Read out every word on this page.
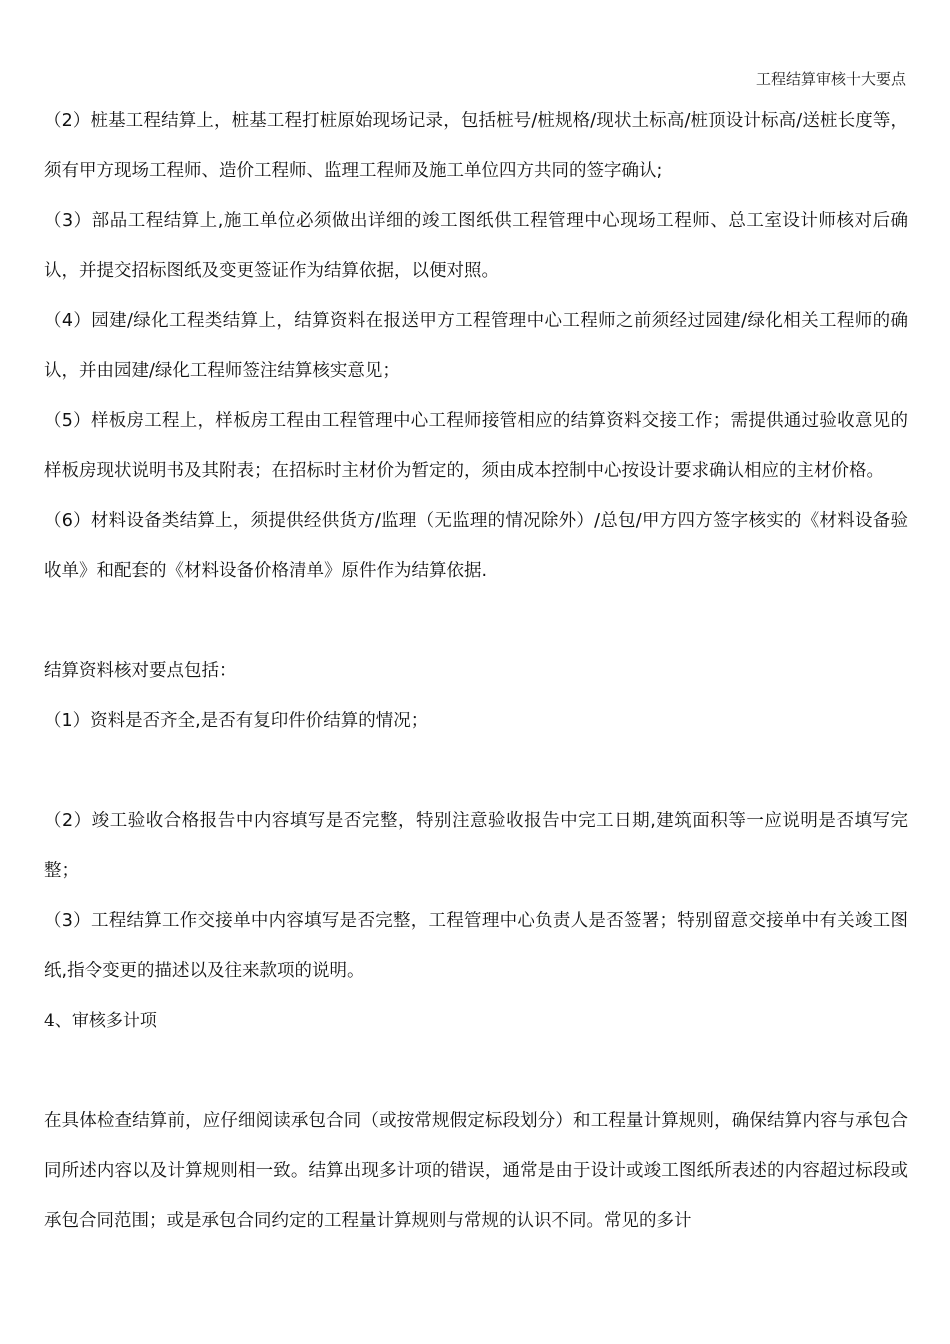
工程结算审核十大要点

（2）桩基工程结算上，桩基工程打桩原始现场记录，包括桩号/桩规格/现状土标高/桩顶设计标高/送桩长度等，须有甲方现场工程师、造价工程师、监理工程师及施工单位四方共同的签字确认;

（3）部品工程结算上,施工单位必须做出详细的竣工图纸供工程管理中心现场工程师、总工室设计师核对后确认，并提交招标图纸及变更签证作为结算依据，以便对照。

（4）园建/绿化工程类结算上，结算资料在报送甲方工程管理中心工程师之前须经过园建/绿化相关工程师的确认，并由园建/绿化工程师签注结算核实意见；

（5）样板房工程上，样板房工程由工程管理中心工程师接管相应的结算资料交接工作；需提供通过验收意见的样板房现状说明书及其附表；在招标时主材价为暂定的，须由成本控制中心按设计要求确认相应的主材价格。

（6）材料设备类结算上，须提供经供货方/监理（无监理的情况除外）/总包/甲方四方签字核实的《材料设备验收单》和配套的《材料设备价格清单》原件作为结算依据.

结算资料核对要点包括：

（1）资料是否齐全,是否有复印件价结算的情况；

（2）竣工验收合格报告中内容填写是否完整，特别注意验收报告中完工日期,建筑面积等一应说明是否填写完整；

（3）工程结算工作交接单中内容填写是否完整，工程管理中心负责人是否签署；特别留意交接单中有关竣工图纸,指令变更的描述以及往来款项的说明。

4、审核多计项

在具体检查结算前，应仔细阅读承包合同（或按常规假定标段划分）和工程量计算规则，确保结算内容与承包合同所述内容以及计算规则相一致。结算出现多计项的错误，通常是由于设计或竣工图纸所表述的内容超过标段或承包合同范围；或是承包合同约定的工程量计算规则与常规的认识不同。常见的多计
